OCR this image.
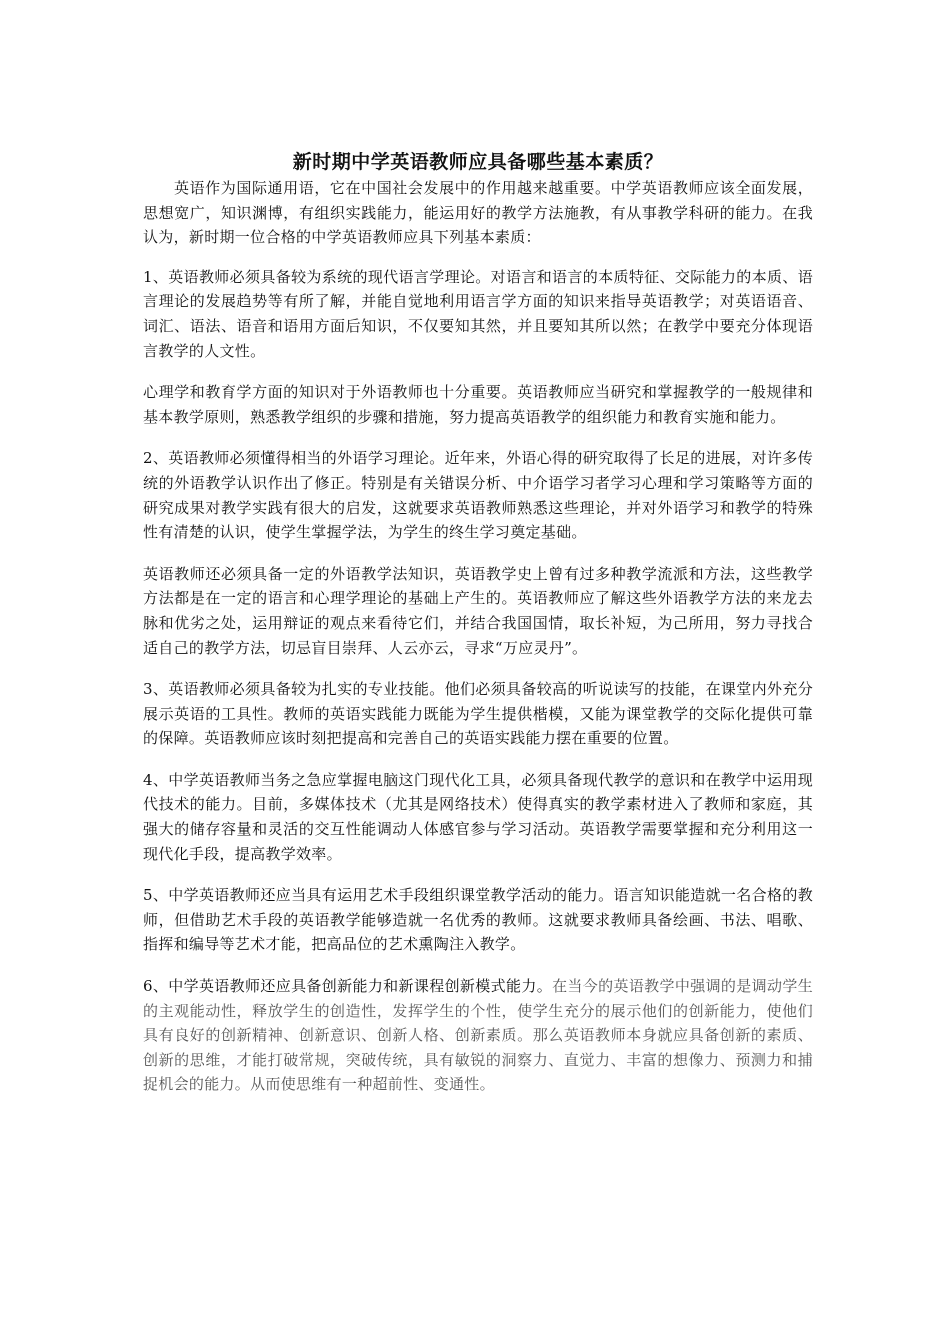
新时期中学英语教师应具备哪些基本素质？

英语作为国际通用语，它在中国社会发展中的作用越来越重要。中学英语教师应该全面发展，思想宽广，知识渊博，有组织实践能力，能运用好的教学方法施教，有从事教学科研的能力。在我认为，新时期一位合格的中学英语教师应具下列基本素质：

1、英语教师必须具备较为系统的现代语言学理论。对语言和语言的本质特征、交际能力的本质、语言理论的发展趋势等有所了解，并能自觉地利用语言学方面的知识来指导英语教学；对英语语音、词汇、语法、语音和语用方面后知识，不仅要知其然，并且要知其所以然；在教学中要充分体现语言教学的人文性。

心理学和教育学方面的知识对于外语教师也十分重要。英语教师应当研究和掌握教学的一般规律和基本教学原则，熟悉教学组织的步骤和措施，努力提高英语教学的组织能力和教育实施和能力。

2、英语教师必须懂得相当的外语学习理论。近年来，外语心得的研究取得了长足的进展，对许多传统的外语教学认识作出了修正。特别是有关错误分析、中介语学习者学习心理和学习策略等方面的研究成果对教学实践有很大的启发，这就要求英语教师熟悉这些理论，并对外语学习和教学的特殊性有清楚的认识，使学生掌握学法，为学生的终生学习奠定基础。

英语教师还必须具备一定的外语教学法知识，英语教学史上曾有过多种教学流派和方法，这些教学方法都是在一定的语言和心理学理论的基础上产生的。英语教师应了解这些外语教学方法的来龙去脉和优劣之处，运用辩证的观点来看待它们，并结合我国国情，取长补短，为己所用，努力寻找合适自己的教学方法，切忌盲目崇拜、人云亦云，寻求“万应灵丹”。

3、英语教师必须具备较为扎实的专业技能。他们必须具备较高的听说读写的技能，在课堂内外充分展示英语的工具性。教师的英语实践能力既能为学生提供楷模，又能为课堂教学的交际化提供可靠的保障。英语教师应该时刻把提高和完善自己的英语实践能力摆在重要的位置。

4、中学英语教师当务之急应掌握电脑这门现代化工具，必须具备现代教学的意识和在教学中运用现代技术的能力。目前，多媒体技术（尤其是网络技术）使得真实的教学素材进入了教师和家庭，其强大的储存容量和灵活的交互性能调动人体感官参与学习活动。英语教学需要掌握和充分利用这一现代化手段，提高教学效率。

5、中学英语教师还应当具有运用艺术手段组织课堂教学活动的能力。语言知识能造就一名合格的教师，但借助艺术手段的英语教学能够造就一名优秀的教师。这就要求教师具备绘画、书法、唱歌、指挥和编导等艺术才能，把高品位的艺术熏陶注入教学。

6、中学英语教师还应具备创新能力和新课程创新模式能力。在当今的英语教学中强调的是调动学生的主观能动性，释放学生的创造性，发挥学生的个性，使学生充分的展示他们的创新能力，使他们具有良好的创新精神、创新意识、创新人格、创新素质。那么英语教师本身就应具备创新的素质、创新的思维，才能打破常规，突破传统，具有敏锐的洞察力、直觉力、丰富的想像力、预测力和捕捉机会的能力。从而使思维有一种超前性、变通性。
